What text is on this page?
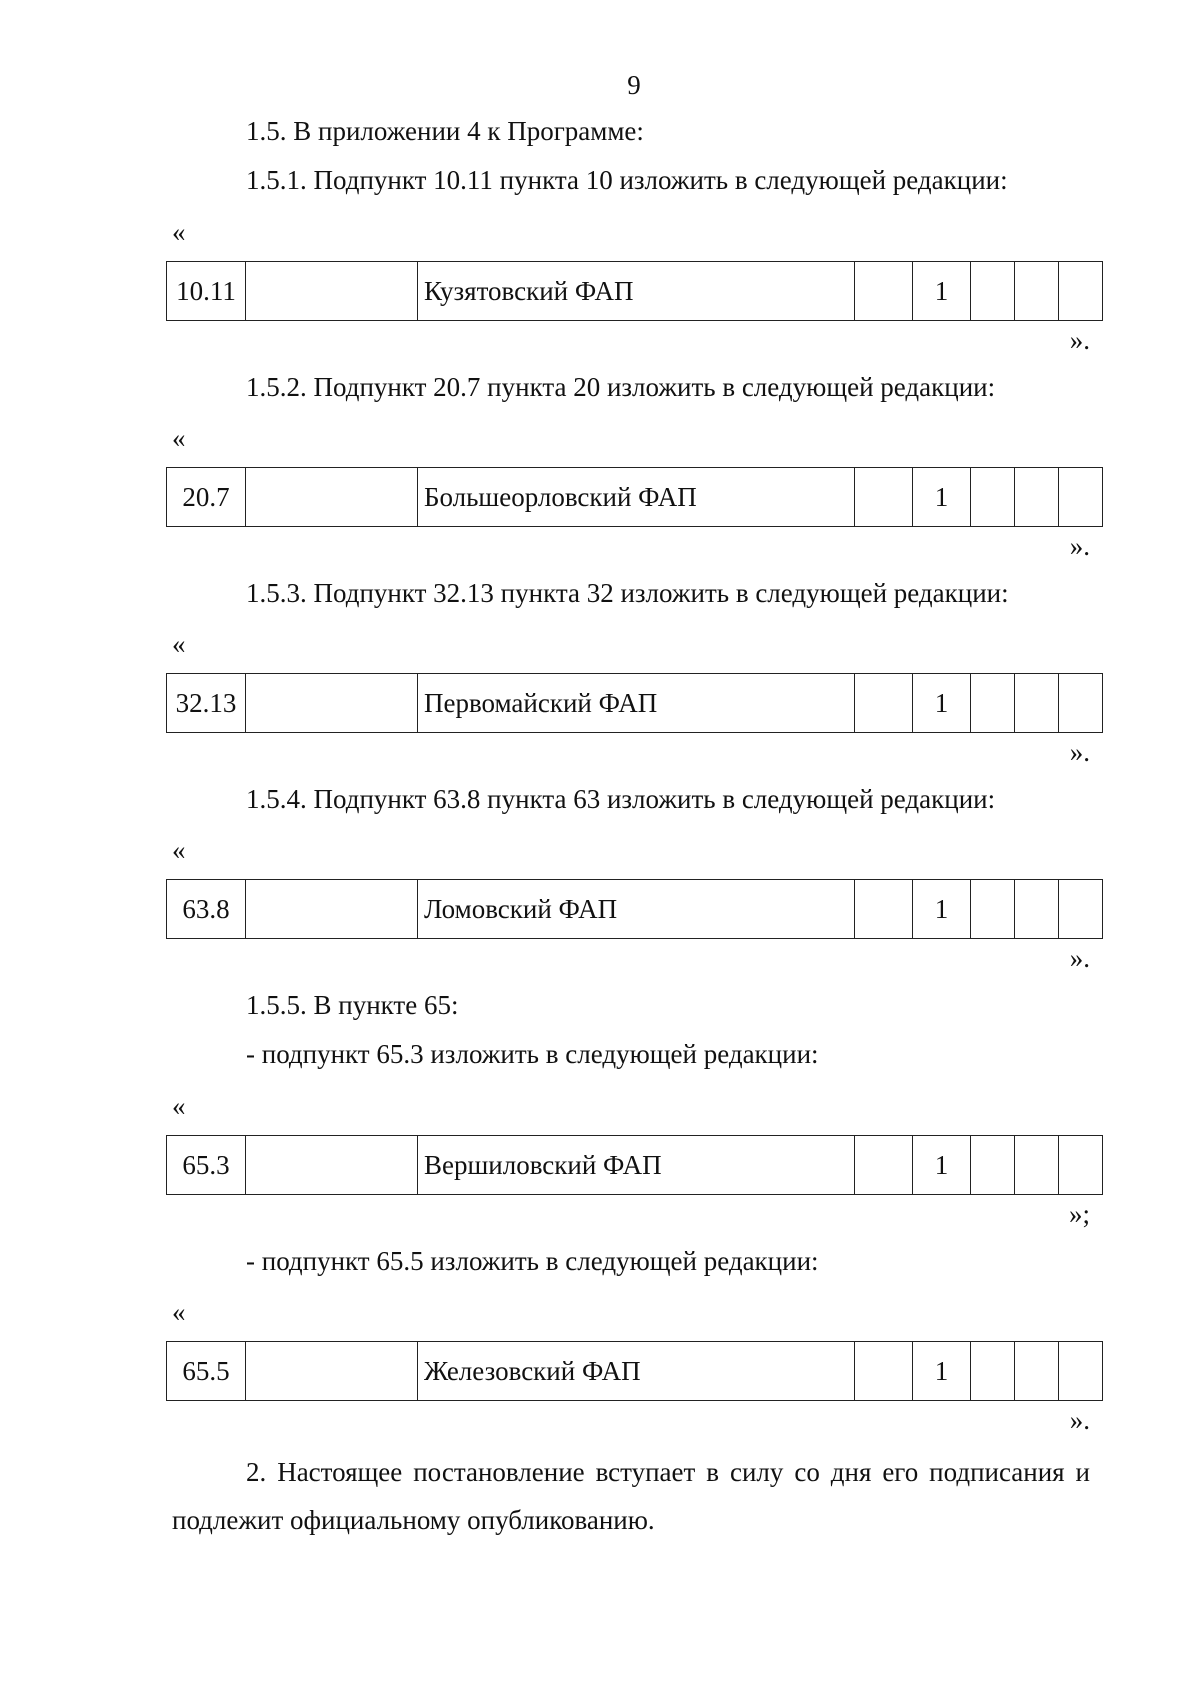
9
1.5. В приложении 4 к Программе:
1.5.1. Подпункт 10.11 пункта 10 изложить в следующей редакции:
«
10.11		Кузятовский ФАП		1			
».
1.5.2. Подпункт 20.7 пункта 20 изложить в следующей редакции:
«
20.7		Большеорловский ФАП		1			
».
1.5.3. Подпункт 32.13 пункта 32 изложить в следующей редакции:
«
32.13		Первомайский ФАП		1			
».
1.5.4. Подпункт 63.8 пункта 63 изложить в следующей редакции:
«
63.8		Ломовский ФАП		1			
».
1.5.5. В пункте 65:
- подпункт 65.3 изложить в следующей редакции:
«
65.3		Вершиловский ФАП		1			
»;
- подпункт 65.5 изложить в следующей редакции:
«
65.5		Железовский ФАП		1			
».
2. Настоящее постановление вступает в силу со дня его подписания и подлежит официальному опубликованию.
